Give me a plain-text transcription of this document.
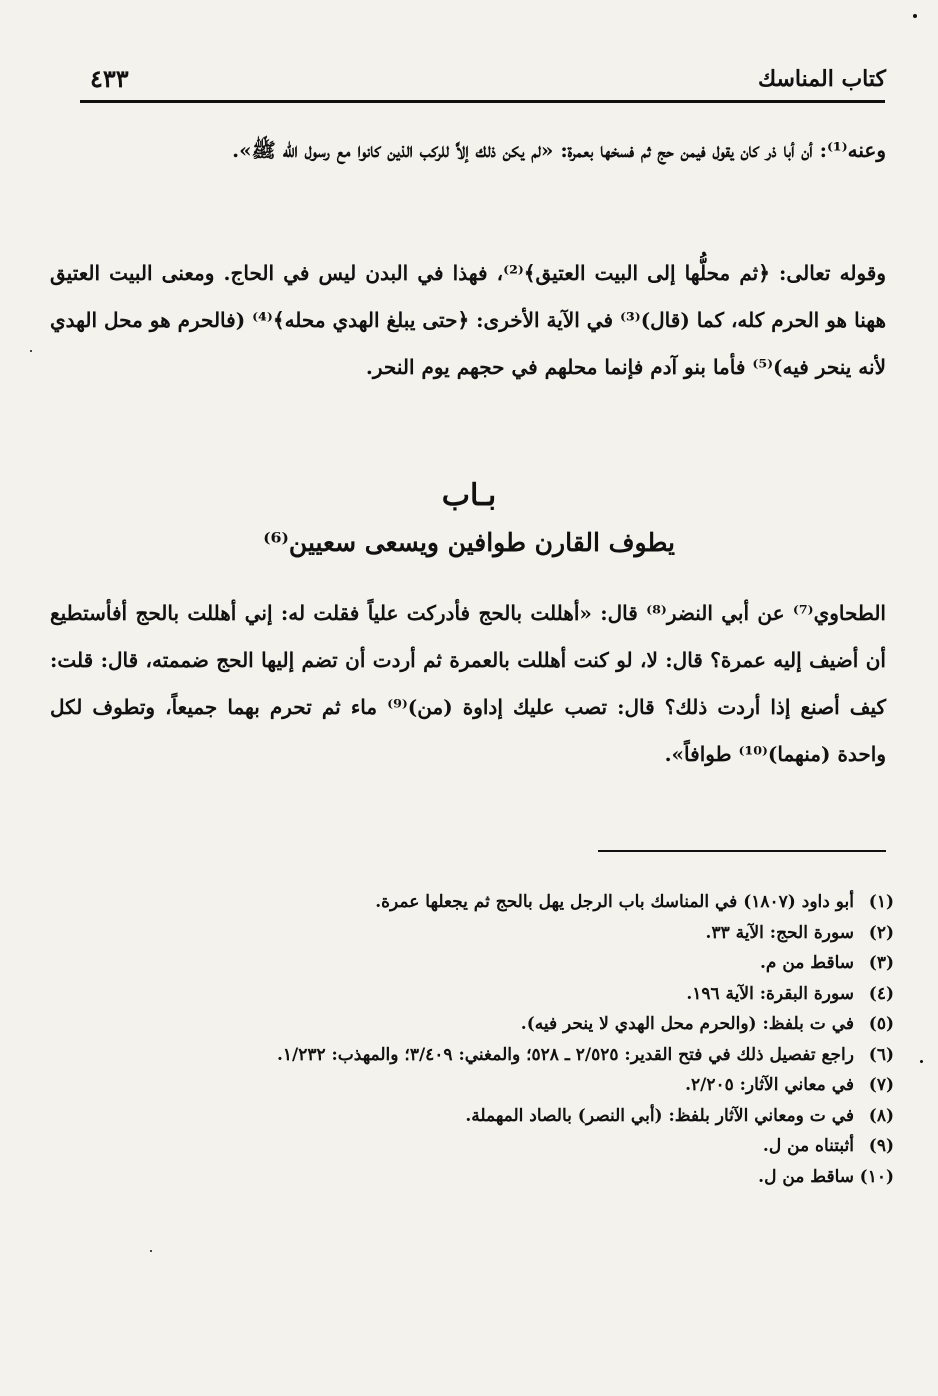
كتاب المناسك
٤٣٣
وعنه⁽¹⁾: أن أبا ذر كان يقول فيمن حج ثم فسخها بعمرة: «لم يكن ذلك إلاَّ للركب الذين كانوا مع رسول الله ﷺ».
وقوله تعالى: ﴿ثم محلُّها إلى البيت العتيق﴾⁽²⁾، فهذا في البدن ليس في الحاج. ومعنى البيت العتيق ههنا هو الحرم كله، كما (قال)⁽³⁾ في الآية الأخرى: ﴿حتى يبلغ الهدي محله﴾⁽⁴⁾ (فالحرم هو محل الهدي لأنه ينحر فيه)⁽⁵⁾ فأما بنو آدم فإنما محلهم في حجهم يوم النحر.
بـاب
يطوف القارن طوافين ويسعى سعيين⁽⁶⁾
الطحاوي⁽⁷⁾ عن أبي النضر⁽⁸⁾ قال: «أهللت بالحج فأدركت علياً فقلت له: إني أهللت بالحج أفأستطيع أن أضيف إليه عمرة؟ قال: لا، لو كنت أهللت بالعمرة ثم أردت أن تضم إليها الحج ضممته، قال: قلت: كيف أصنع إذا أردت ذلك؟ قال: تصب عليك إداوة (من)⁽⁹⁾ ماء ثم تحرم بهما جميعاً، وتطوف لكل واحدة (منهما)⁽¹⁰⁾ طوافاً».
(١)
أبو داود (١٨٠٧) في المناسك باب الرجل يهل بالحج ثم يجعلها عمرة.
(٢)
سورة الحج: الآية ٣٣.
(٣)
ساقط من م.
(٤)
سورة البقرة: الآية ١٩٦.
(٥)
في ت بلفظ: (والحرم محل الهدي لا ينحر فيه).
(٦)
راجع تفصيل ذلك في فتح القدير: ٢/٥٢٥ ـ ٥٢٨؛ والمغني: ٣/٤٠٩؛ والمهذب: ١/٢٣٢.
(٧)
في معاني الآثار: ٢/٢٠٥.
(٨)
في ت ومعاني الآثار بلفظ: (أبي النصر) بالصاد المهملة.
(٩)
أثبتناه من ل.
(١٠)
ساقط من ل.
